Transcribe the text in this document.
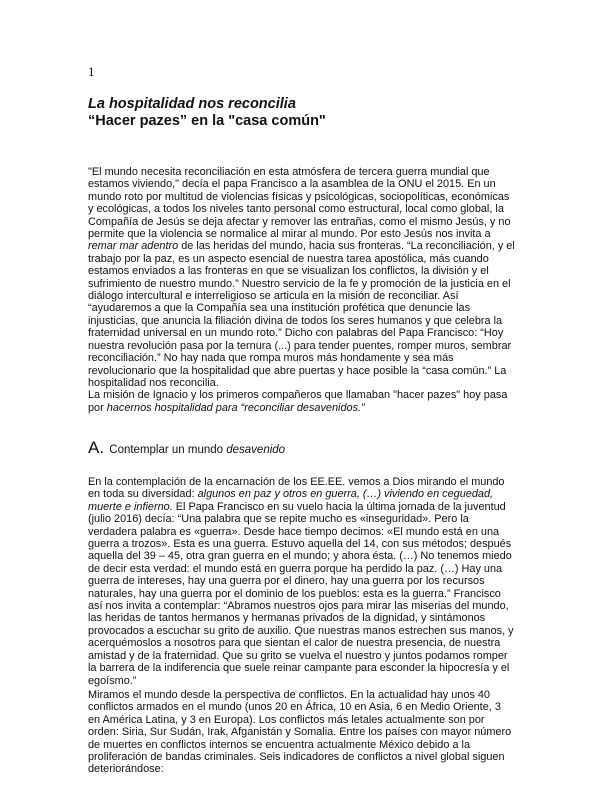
1
La hospitalidad nos reconcilia
“Hacer pazes” en la "casa común"

"El mundo necesita reconciliación en esta atmósfera de tercera guerra mundial que estamos viviendo," decía el papa Francisco a la asamblea de la ONU el 2015. En un mundo roto por multitud de violencias físicas y psicológicas, sociopolíticas, económicas y ecológicas, a todos los niveles tanto personal como estructural, local como global, la Compañía de Jesús se deja afectar y remover las entrañas, como el mismo Jesús, y no permite que la violencia se normalice al mirar al mundo. Por esto Jesús nos invita a remar mar adentro de las heridas del mundo, hacia sus fronteras. “La reconciliación, y el trabajo por la paz, es un aspecto esencial de nuestra tarea apostólica, más cuando estamos enviados a las fronteras en que se visualizan los conflictos, la división y el sufrimiento de nuestro mundo.” Nuestro servicio de la fe y promoción de la justicia en el diálogo intercultural e interreligioso se articula en la misión de reconciliar. Así “ayudaremos a que la Compañía sea una institución profética que denuncie las injusticias, que anuncia la filiación divina de todos los seres humanos y que celebra la fraternidad universal en un mundo roto.” Dicho con palabras del Papa Francisco: “Hoy nuestra revolución pasa por la ternura (...) para tender puentes, romper muros, sembrar reconciliación.” No hay nada que rompa muros más hondamente y sea más revolucionario que la hospitalidad que abre puertas y hace posible la “casa común.” La hospitalidad nos reconcilia.

La misión de Ignacio y los primeros compañeros que llamaban "hacer pazes" hoy pasa por hacernos hospitalidad para “reconciliar desavenidos.”

A. Contemplar un mundo desavenido

En la contemplación de la encarnación de los EE.EE. vemos a Dios mirando el mundo en toda su diversidad: algunos en paz y otros en guerra, (…) viviendo en ceguedad, muerte e infierno. El Papa Francisco en su vuelo hacia la última jornada de la juventud (julio 2016) decía: “Una palabra que se repite mucho es «inseguridad». Pero la verdadera palabra es «guerra». Desde hace tiempo decimos: «El mundo está en una guerra a trozos». Esta es una guerra. Estuvo aquella del 14, con sus métodos; después aquella del 39 – 45, otra gran guerra en el mundo; y ahora ésta. (…) No tenemos miedo de decir esta verdad: el mundo está en guerra porque ha perdido la paz. (…) Hay una guerra de intereses, hay una guerra por el dinero, hay una guerra por los recursos naturales, hay una guerra por el dominio de los pueblos: esta es la guerra.” Francisco así nos invita a contemplar: “Abramos nuestros ojos para mirar las miserias del mundo, las heridas de tantos hermanos y hermanas privados de la dignidad, y sintámonos provocados a escuchar su grito de auxilio. Que nuestras manos estrechen sus manos, y acerquémoslos a nosotros para que sientan el calor de nuestra presencia, de nuestra amistad y de la fraternidad. Que su grito se vuelva el nuestro y juntos podamos romper la barrera de la indiferencia que suele reinar campante para esconder la hipocresía y el egoísmo.”

Miramos el mundo desde la perspectiva de conflictos. En la actualidad hay unos 40 conflictos armados en el mundo (unos 20 en África, 10 en Asia, 6 en Medio Oriente, 3 en América Latina, y 3 en Europa). Los conflictos más letales actualmente son por orden: Siria, Sur Sudán, Irak, Afganistán y Somalia. Entre los países con mayor número de muertes en conflictos internos se encuentra actualmente México debido a la proliferación de bandas criminales. Seis indicadores de conflictos a nivel global siguen deteriorándose:
